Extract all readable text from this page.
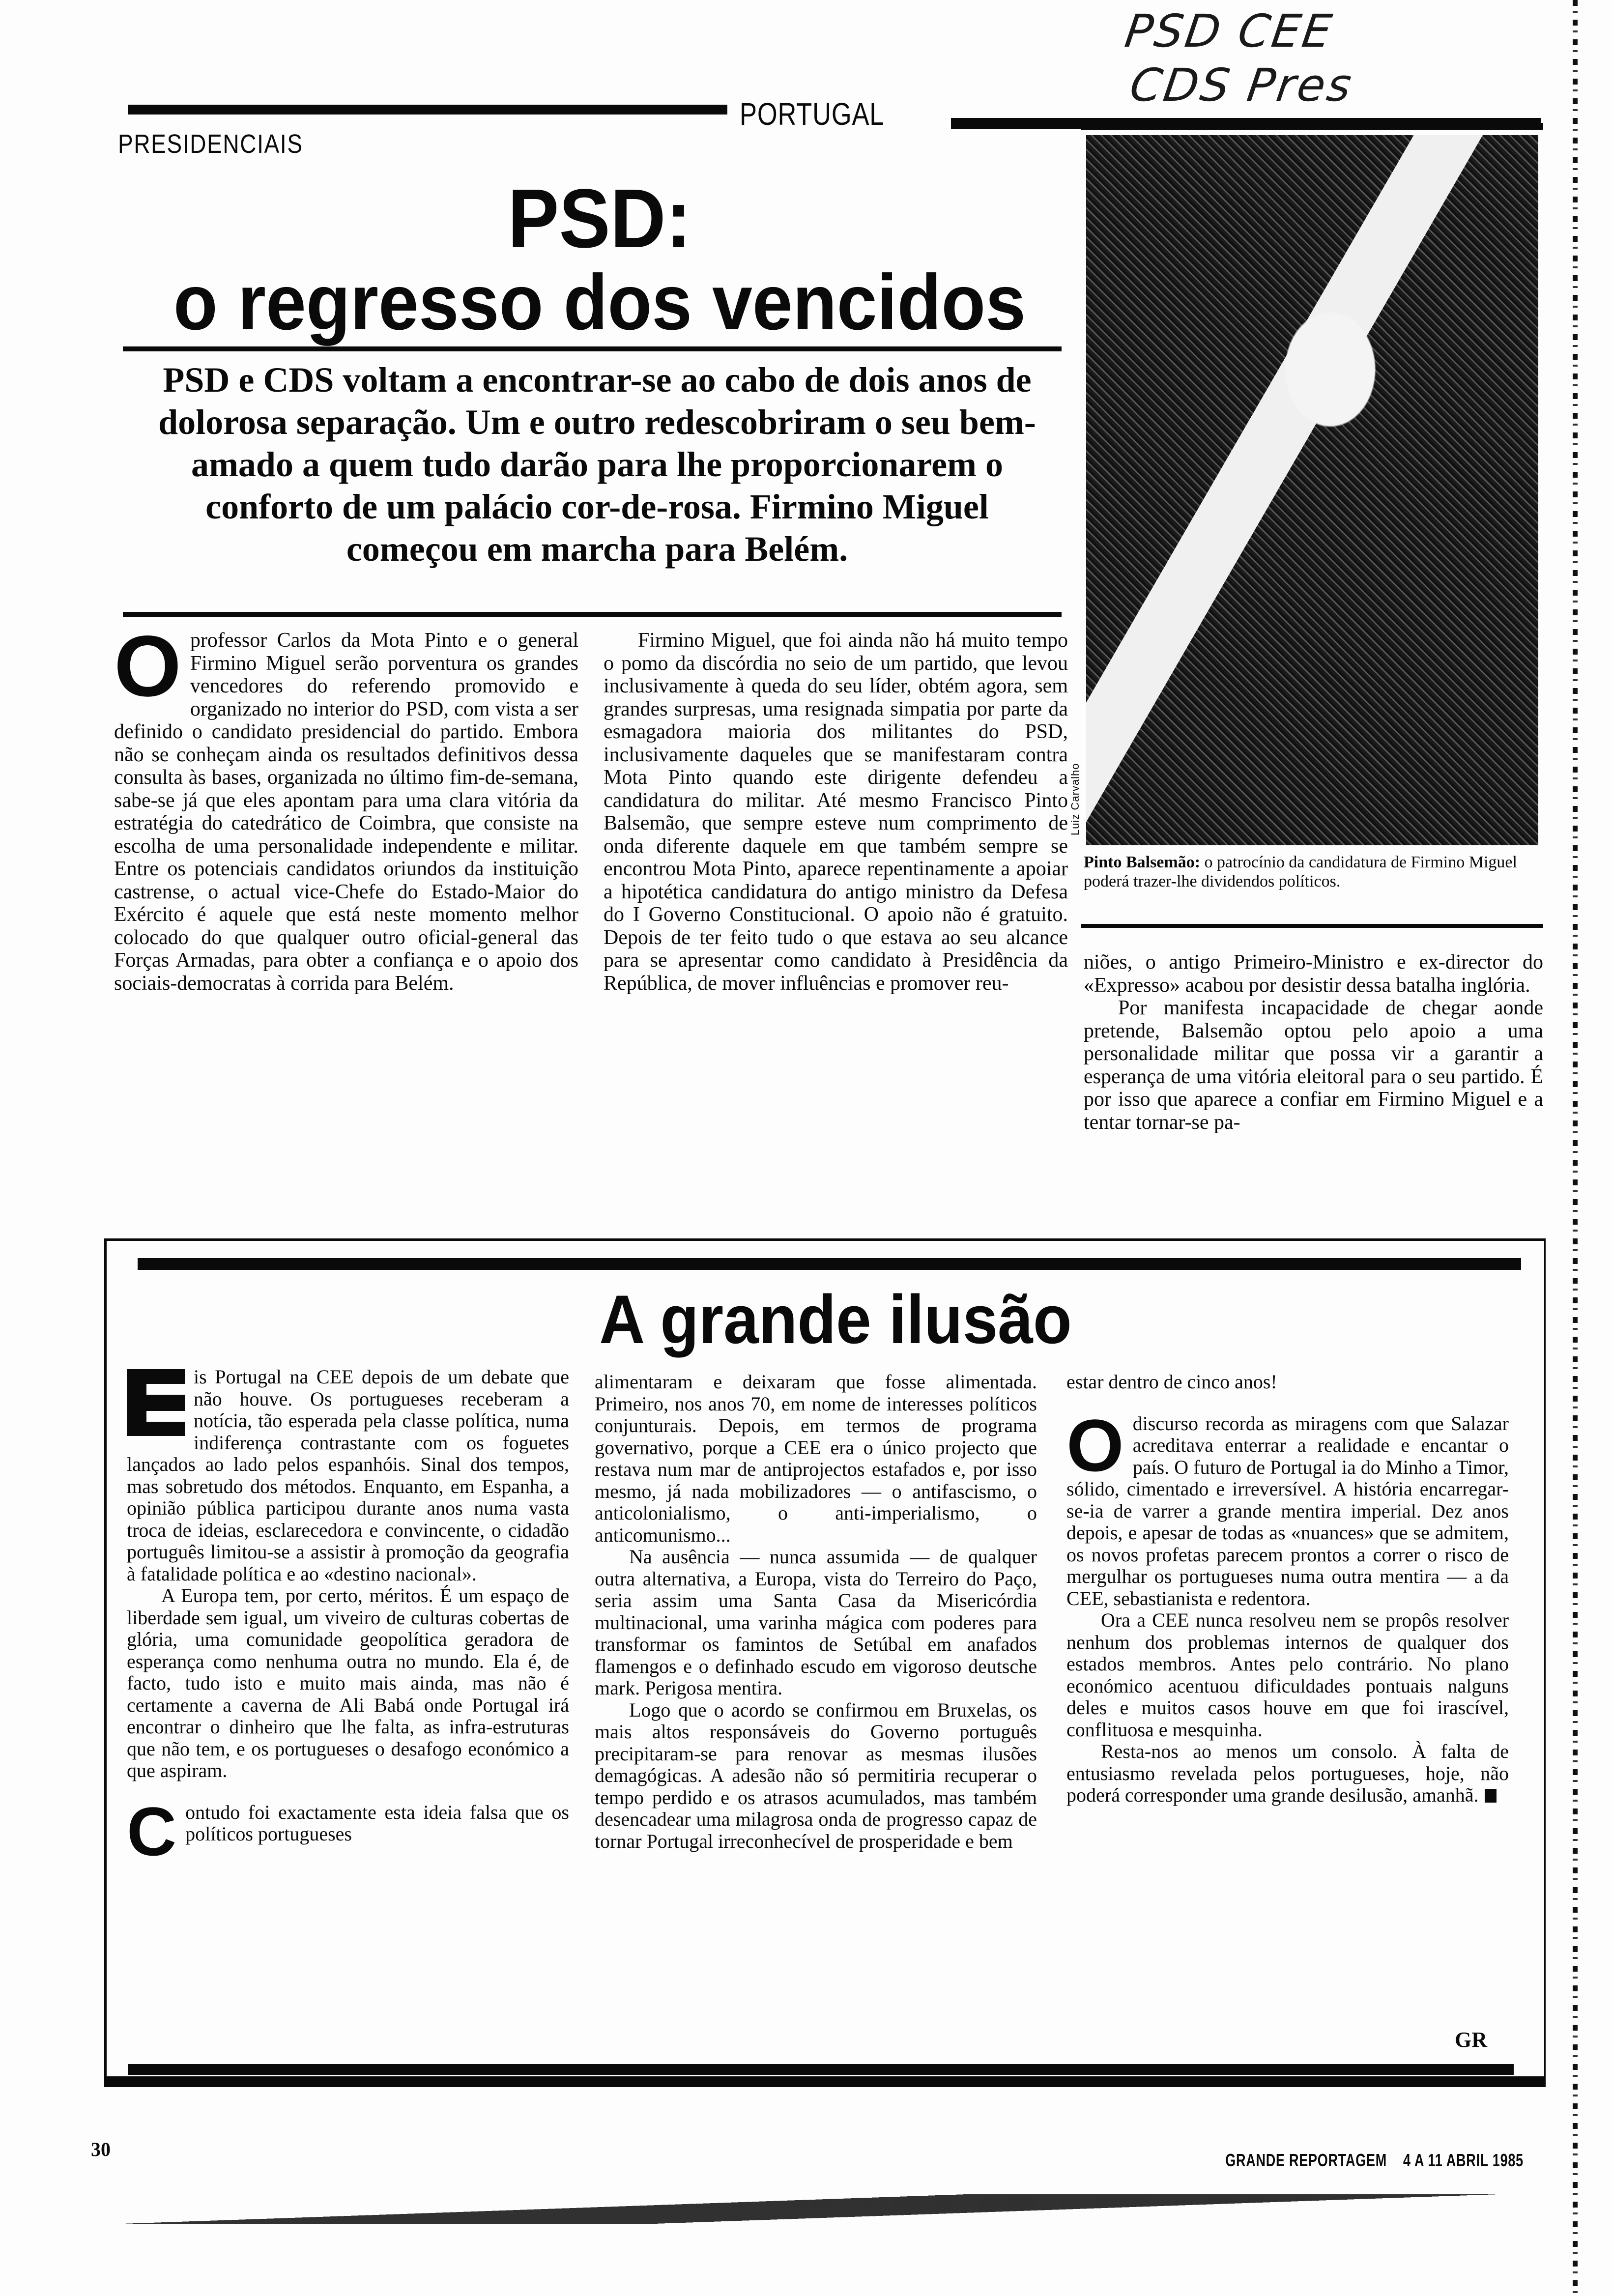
PSD CEE
CDS Pres
PORTUGAL
PRESIDENCIAIS
PSD:
o regresso dos vencidos
PSD e CDS voltam a encontrar-se ao cabo de dois anos de dolorosa separação. Um e outro redescobriram o seu bem-amado a quem tudo darão para lhe proporcionarem o conforto de um palácio cor-de-rosa. Firmino Miguel começou em marcha para Belém.
Luiz Carvalho
Pinto Balsemão: o patrocínio da candidatura de Firmino Miguel poderá trazer-lhe dividendos políticos.
O professor Carlos da Mota Pinto e o general Firmino Miguel serão porventura os grandes vencedores do referendo promovido e organizado no interior do PSD, com vista a ser definido o candidato presidencial do partido. Embora não se conheçam ainda os resultados definitivos dessa consulta às bases, organizada no último fim-de-semana, sabe-se já que eles apontam para uma clara vitória da estratégia do catedrático de Coimbra, que consiste na escolha de uma personalidade independente e militar. Entre os potenciais candidatos oriundos da instituição castrense, o actual vice-Chefe do Estado-Maior do Exército é aquele que está neste momento melhor colocado do que qualquer outro oficial-general das Forças Armadas, para obter a confiança e o apoio dos sociais-democratas à corrida para Belém.

Firmino Miguel, que foi ainda não há muito tempo o pomo da discórdia no seio de um partido, que levou inclusivamente à queda do seu líder, obtém agora, sem grandes surpresas, uma resignada simpatia por parte da esmagadora maioria dos militantes do PSD, inclusivamente daqueles que se manifestaram contra Mota Pinto quando este dirigente defendeu a candidatura do militar. Até mesmo Francisco Pinto Balsemão, que sempre esteve num comprimento de onda diferente daquele em que também sempre se encontrou Mota Pinto, aparece repentinamente a apoiar a hipotética candidatura do antigo ministro da Defesa do I Governo Constitucional. O apoio não é gratuito. Depois de ter feito tudo o que estava ao seu alcance para se apresentar como candidato à Presidência da República, de mover influências e promover reu-

niões, o antigo Primeiro-Ministro e ex-director do «Expresso» acabou por desistir dessa batalha inglória.

Por manifesta incapacidade de chegar aonde pretende, Balsemão optou pelo apoio a uma personalidade militar que possa vir a garantir a esperança de uma vitória eleitoral para o seu partido. É por isso que aparece a confiar em Firmino Miguel e a tentar tornar-se pa-

A grande ilusão

is Portugal na CEE depois de um debate que não houve. Os portugueses receberam a notícia, tão esperada pela classe política, numa indiferença contrastante com os foguetes lançados ao lado pelos espanhóis. Sinal dos tempos, mas sobretudo dos métodos. Enquanto, em Espanha, a opinião pública participou durante anos numa vasta troca de ideias, esclarecedora e convincente, o cidadão português limitou-se a assistir à promoção da geografia à fatalidade política e ao «destino nacional».

A Europa tem, por certo, méritos. É um espaço de liberdade sem igual, um viveiro de culturas cobertas de glória, uma comunidade geopolítica geradora de esperança como nenhuma outra no mundo. Ela é, de facto, tudo isto e muito mais ainda, mas não é certamente a caverna de Ali Babá onde Portugal irá encontrar o dinheiro que lhe falta, as infra-estruturas que não tem, e os portugueses o desafogo económico a que aspiram.

Contudo foi exactamente esta ideia falsa que os políticos portugueses

alimentaram e deixaram que fosse alimentada. Primeiro, nos anos 70, em nome de interesses políticos conjunturais. Depois, em termos de programa governativo, porque a CEE era o único projecto que restava num mar de antiprojectos estafados e, por isso mesmo, já nada mobilizadores — o antifascismo, o anticolonialismo, o anti-imperialismo, o anticomunismo...

Na ausência — nunca assumida — de qualquer outra alternativa, a Europa, vista do Terreiro do Paço, seria assim uma Santa Casa da Misericórdia multinacional, uma varinha mágica com poderes para transformar os famintos de Setúbal em anafados flamengos e o definhado escudo em vigoroso deutsche mark. Perigosa mentira.

Logo que o acordo se confirmou em Bruxelas, os mais altos responsáveis do Governo português precipitaram-se para renovar as mesmas ilusões demagógicas. A adesão não só permitiria recuperar o tempo perdido e os atrasos acumulados, mas também desencadear uma milagrosa onda de progresso capaz de tornar Portugal irreconhecível de prosperidade e bem

estar dentro de cinco anos!

Odiscurso recorda as miragens com que Salazar acreditava enterrar a realidade e encantar o país. O futuro de Portugal ia do Minho a Timor, sólido, cimentado e irreversível. A história encarregar-se-ia de varrer a grande mentira imperial. Dez anos depois, e apesar de todas as «nuances» que se admitem, os novos profetas parecem prontos a correr o risco de mergulhar os portugueses numa outra mentira — a da CEE, sebastianista e redentora.

Ora a CEE nunca resolveu nem se propôs resolver nenhum dos problemas internos de qualquer dos estados membros. Antes pelo contrário. No plano económico acentuou dificuldades pontuais nalguns deles e muitos casos houve em que foi irascível, conflituosa e mesquinha.

Resta-nos ao menos um consolo. À falta de entusiasmo revelada pelos portugueses, hoje, não poderá corresponder uma grande desilusão, amanhã.

GR
30	GRANDE REPORTAGEM 4 A 11 ABRIL 1985
